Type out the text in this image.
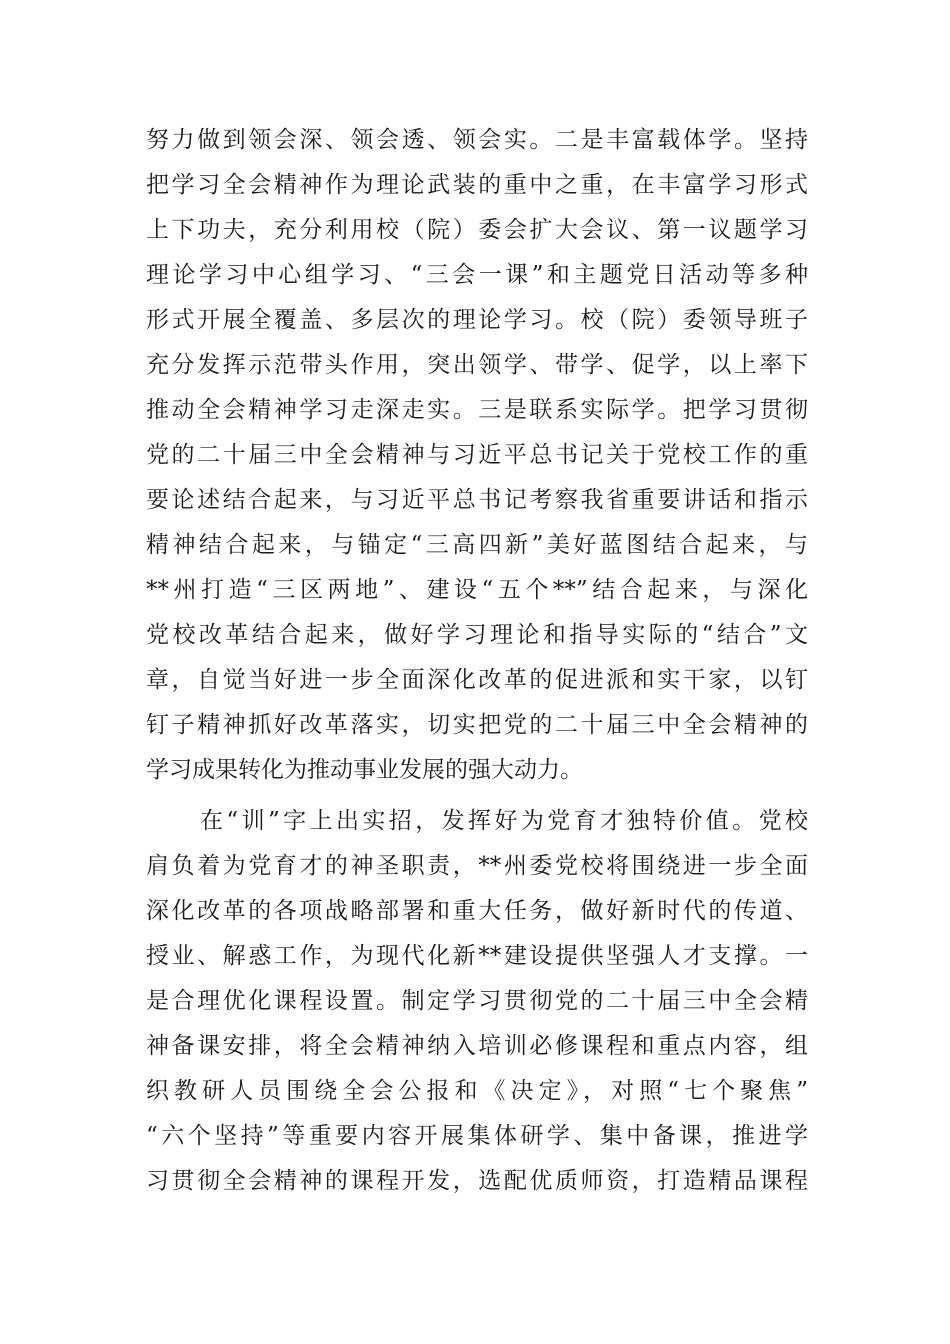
努力做到领会深、领会透、领会实。二是丰富载体学。坚持
把学习全会精神作为理论武装的重中之重，在丰富学习形式
上下功夫，充分利用校（院）委会扩大会议、第一议题学习
理论学习中心组学习、“三会一课”和主题党日活动等多种
形式开展全覆盖、多层次的理论学习。校（院）委领导班子
充分发挥示范带头作用，突出领学、带学、促学，以上率下
推动全会精神学习走深走实。三是联系实际学。把学习贯彻
党的二十届三中全会精神与习近平总书记关于党校工作的重
要论述结合起来，与习近平总书记考察我省重要讲话和指示
精神结合起来，与锚定“三高四新”美好蓝图结合起来，与
**州打造“三区两地”、建设“五个**”结合起来，与深化
党校改革结合起来，做好学习理论和指导实际的“结合”文
章，自觉当好进一步全面深化改革的促进派和实干家，以钉
钉子精神抓好改革落实，切实把党的二十届三中全会精神的
学习成果转化为推动事业发展的强大动力。
在“训”字上出实招，发挥好为党育才独特价值。党校
肩负着为党育才的神圣职责，**州委党校将围绕进一步全面
深化改革的各项战略部署和重大任务，做好新时代的传道、
授业、解惑工作，为现代化新**建设提供坚强人才支撑。一
是合理优化课程设置。制定学习贯彻党的二十届三中全会精
神备课安排，将全会精神纳入培训必修课程和重点内容，组
织教研人员围绕全会公报和《决定》，对照“七个聚焦”
“六个坚持”等重要内容开展集体研学、集中备课，推进学
习贯彻全会精神的课程开发，选配优质师资，打造精品课程
